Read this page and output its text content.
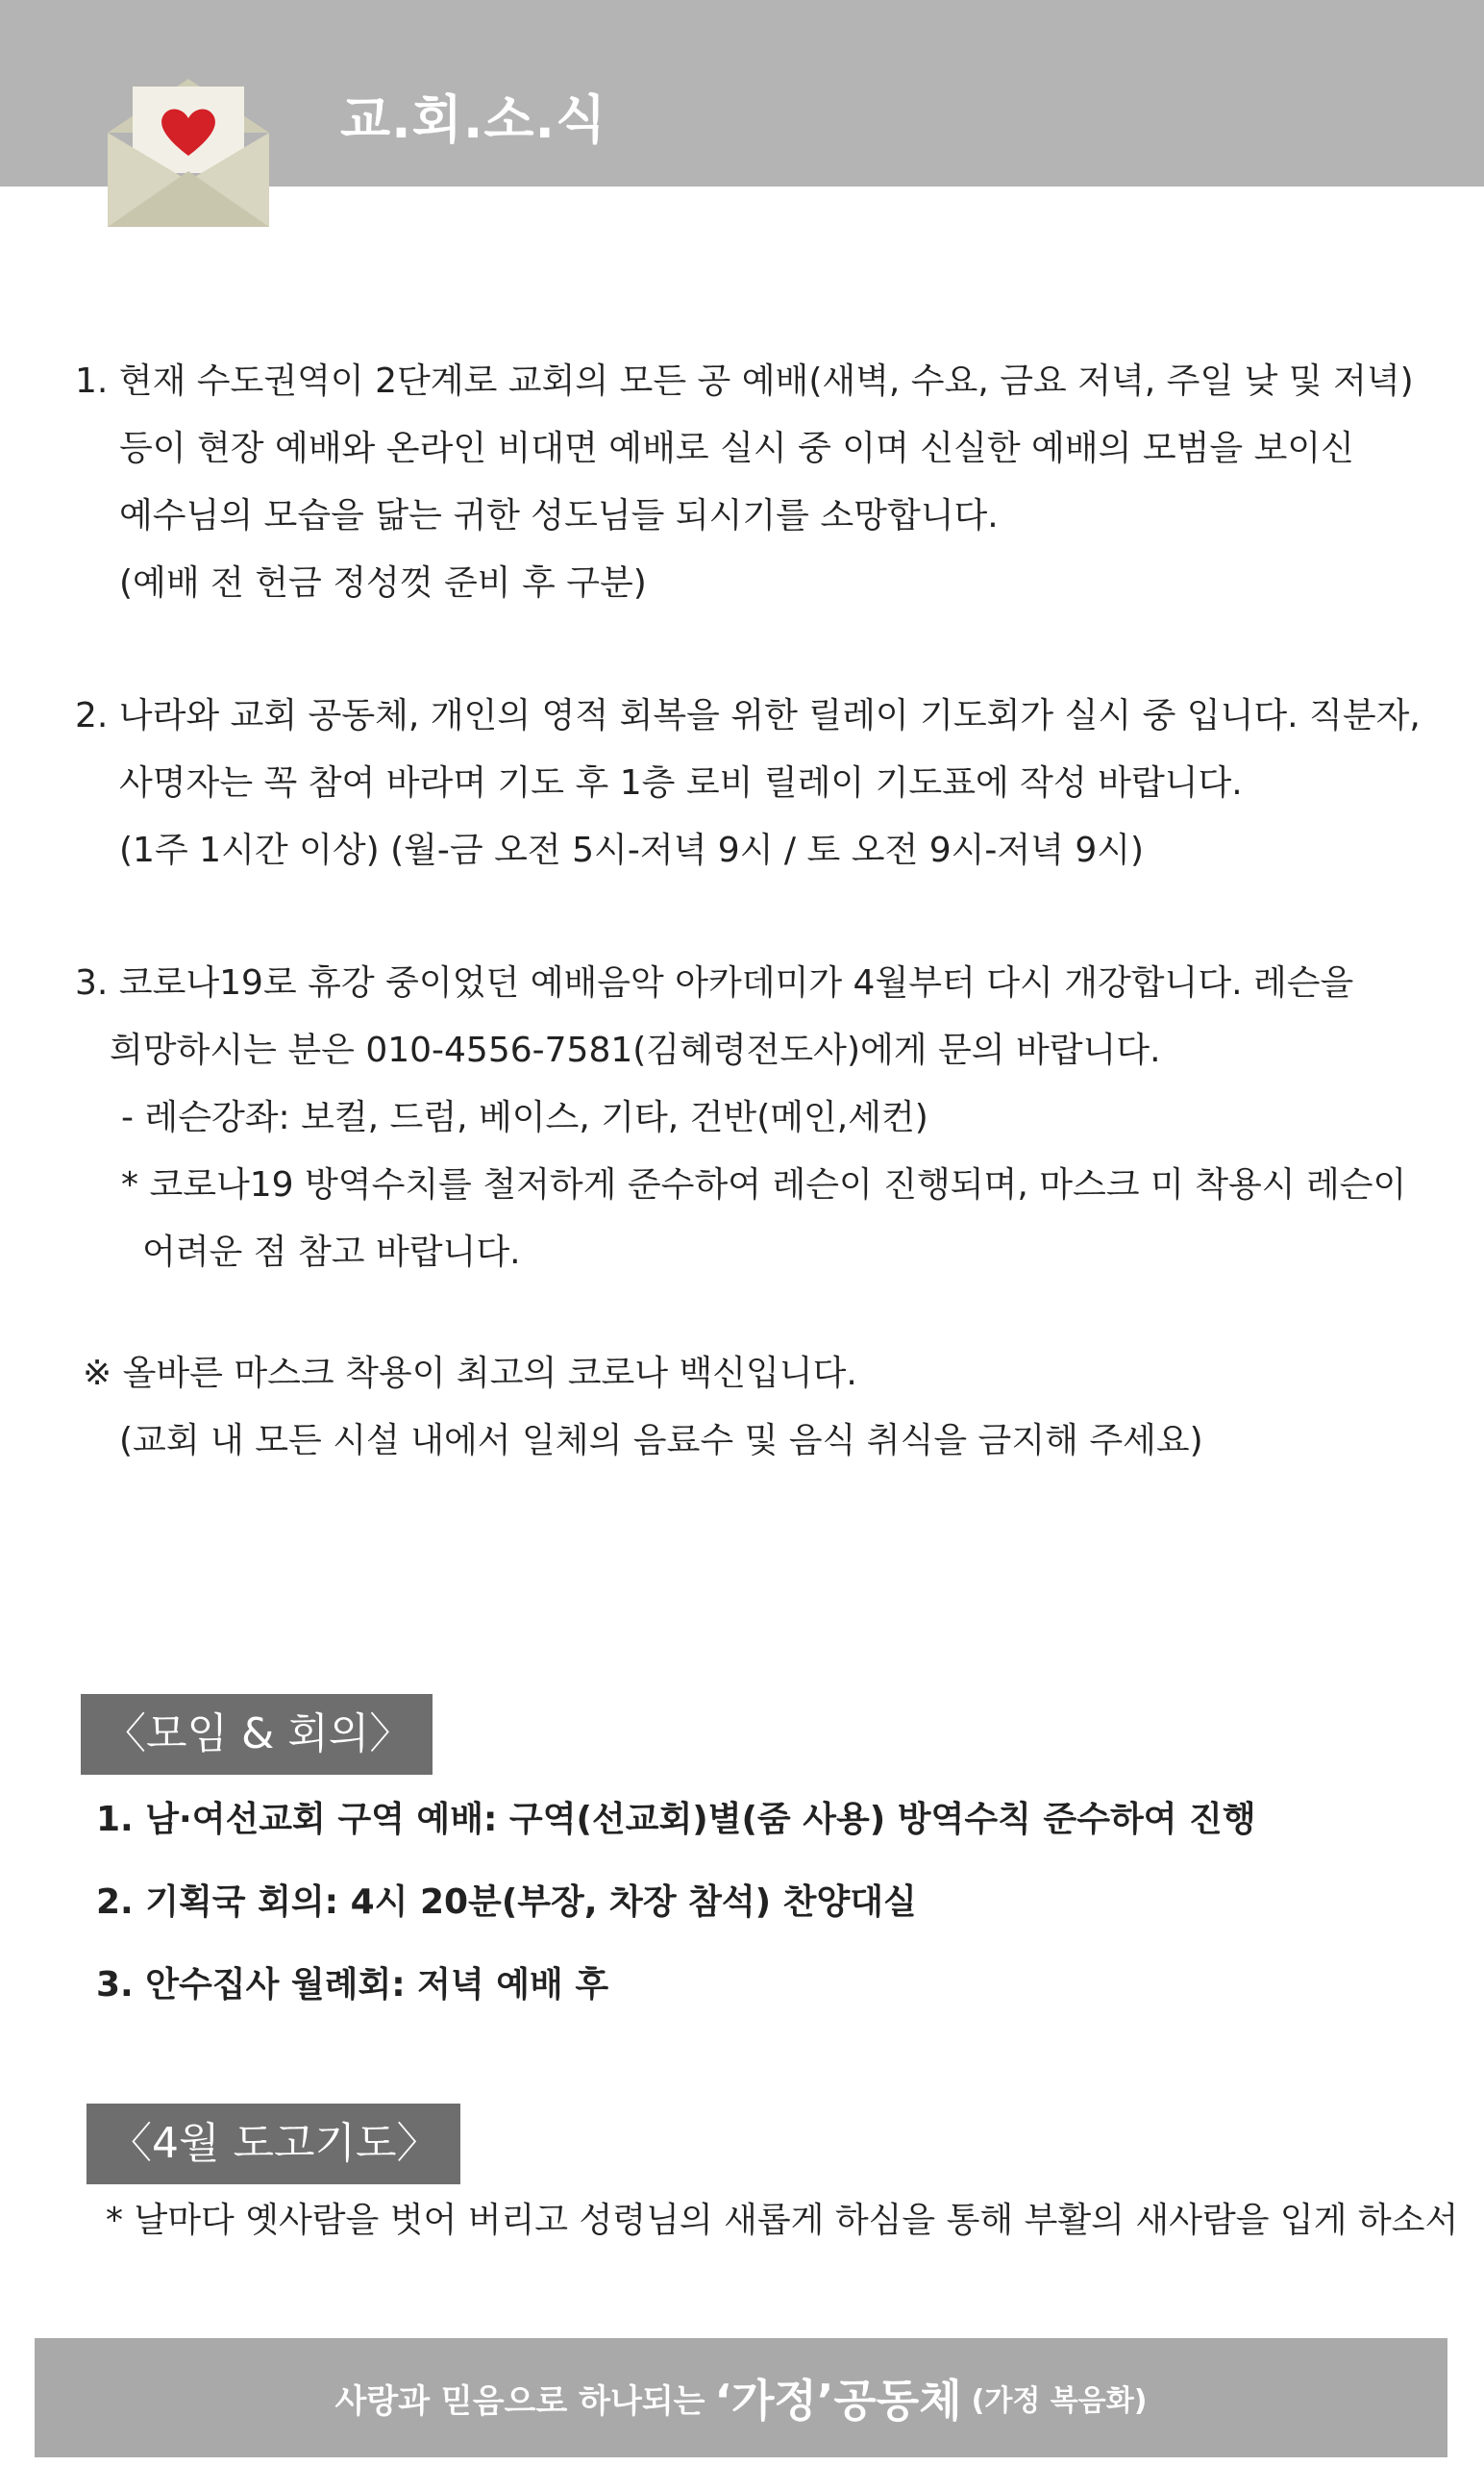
교.회.소.식
1. 현재 수도권역이 2단계로 교회의 모든 공 예배(새벽, 수요, 금요 저녁, 주일 낮 및 저녁)
등이 현장 예배와 온라인 비대면 예배로 실시 중 이며 신실한 예배의 모범을 보이신
예수님의 모습을 닮는 귀한 성도님들 되시기를 소망합니다.
(예배 전 헌금 정성껏 준비 후 구분)
2. 나라와 교회 공동체, 개인의 영적 회복을 위한 릴레이 기도회가 실시 중 입니다. 직분자,
사명자는 꼭 참여 바라며 기도 후 1층 로비 릴레이 기도표에 작성 바랍니다.
(1주 1시간 이상) (월-금 오전 5시-저녁 9시 / 토 오전 9시-저녁 9시)
3. 코로나19로 휴강 중이었던 예배음악 아카데미가 4월부터 다시 개강합니다. 레슨을
희망하시는 분은 010-4556-7581(김혜령전도사)에게 문의 바랍니다.
- 레슨강좌: 보컬, 드럼, 베이스, 기타, 건반(메인,세컨)
* 코로나19 방역수치를 철저하게 준수하여 레슨이 진행되며, 마스크 미 착용시 레슨이
어려운 점 참고 바랍니다.
※ 올바른 마스크 착용이 최고의 코로나 백신입니다.
(교회 내 모든 시설 내에서 일체의 음료수 및 음식 취식을 금지해 주세요)
〈모임 & 회의〉
1. 남·여선교회 구역 예배: 구역(선교회)별(줌 사용) 방역수칙 준수하여 진행
2. 기획국 회의: 4시 20분(부장, 차장 참석) 찬양대실
3. 안수집사 월례회: 저녁 예배 후
〈4월 도고기도〉
* 날마다 옛사람을 벗어 버리고 성령님의 새롭게 하심을 통해 부활의 새사람을 입게 하소서
사랑과 믿음으로 하나되는 ‘가정’공동체 (가정 복음화)
